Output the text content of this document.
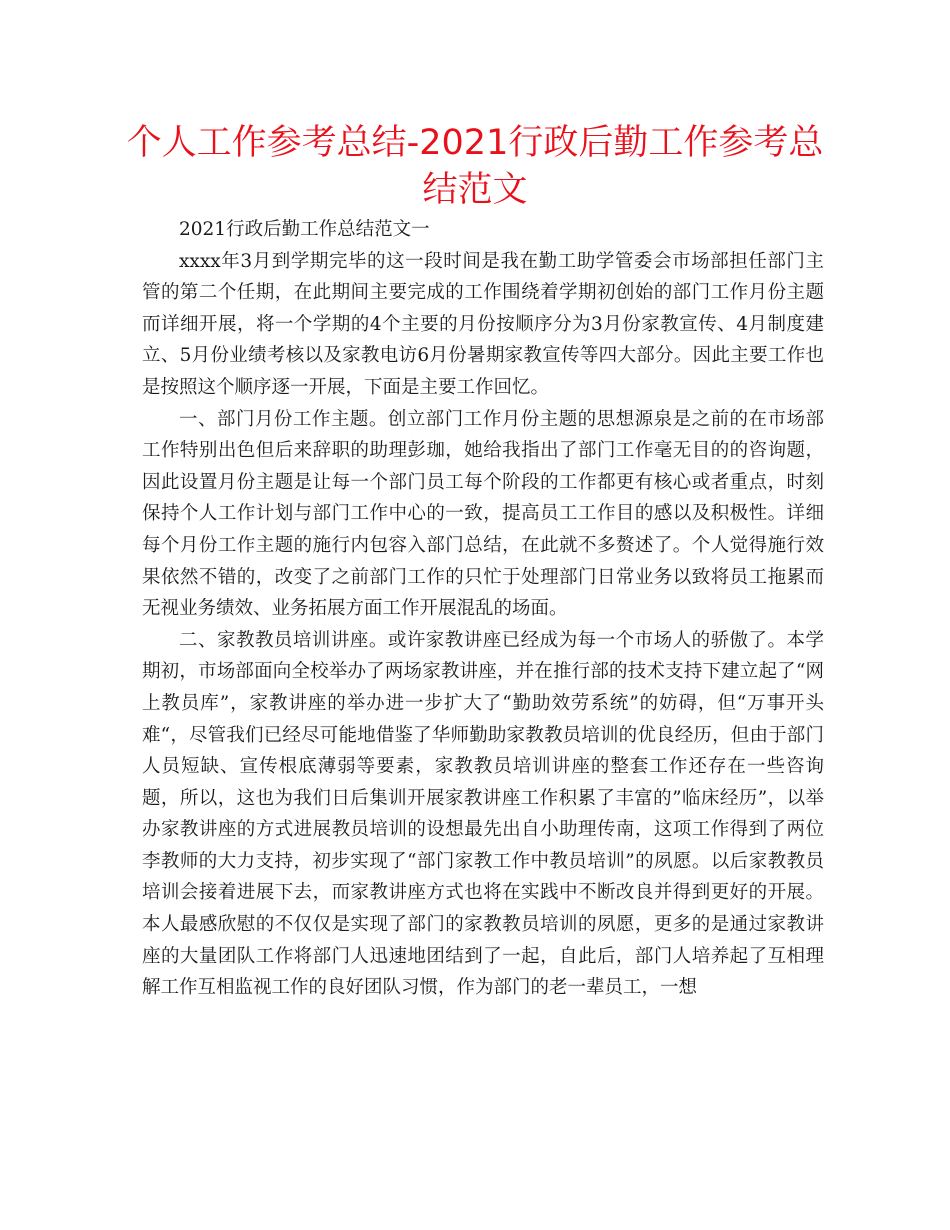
个人工作参考总结-2021行政后勤工作参考总结范文

2021行政后勤工作总结范文一

xxxx年3月到学期完毕的这一段时间是我在勤工助学管委会市场部担任部门主管的第二个任期，在此期间主要完成的工作围绕着学期初创始的部门工作月份主题而详细开展，将一个学期的4个主要的月份按顺序分为3月份家教宣传、4月制度建立、5月份业绩考核以及家教电访6月份暑期家教宣传等四大部分。因此主要工作也是按照这个顺序逐一开展，下面是主要工作回忆。

一、部门月份工作主题。创立部门工作月份主题的思想源泉是之前的在市场部工作特别出色但后来辞职的助理彭珈，她给我指出了部门工作毫无目的的咨询题，因此设置月份主题是让每一个部门员工每个阶段的工作都更有核心或者重点，时刻保持个人工作计划与部门工作中心的一致，提高员工工作目的感以及积极性。详细每个月份工作主题的施行内包容入部门总结，在此就不多赘述了。个人觉得施行效果依然不错的，改变了之前部门工作的只忙于处理部门日常业务以致将员工拖累而无视业务绩效、业务拓展方面工作开展混乱的场面。

二、家教教员培训讲座。或许家教讲座已经成为每一个市场人的骄傲了。本学期初，市场部面向全校举办了两场家教讲座，并在推行部的技术支持下建立起了“网上教员库”，家教讲座的举办进一步扩大了“勤助效劳系统”的妨碍，但“万事开头难“，尽管我们已经尽可能地借鉴了华师勤助家教教员培训的优良经历，但由于部门人员短缺、宣传根底薄弱等要素，家教教员培训讲座的整套工作还存在一些咨询题，所以，这也为我们日后集训开展家教讲座工作积累了丰富的”临床经历”，以举办家教讲座的方式进展教员培训的设想最先出自小助理传南，这项工作得到了两位李教师的大力支持，初步实现了“部门家教工作中教员培训”的夙愿。以后家教教员培训会接着进展下去，而家教讲座方式也将在实践中不断改良并得到更好的开展。本人最感欣慰的不仅仅是实现了部门的家教教员培训的夙愿，更多的是通过家教讲座的大量团队工作将部门人迅速地团结到了一起，自此后，部门人培养起了互相理解工作互相监视工作的良好团队习惯，作为部门的老一辈员工，一想
